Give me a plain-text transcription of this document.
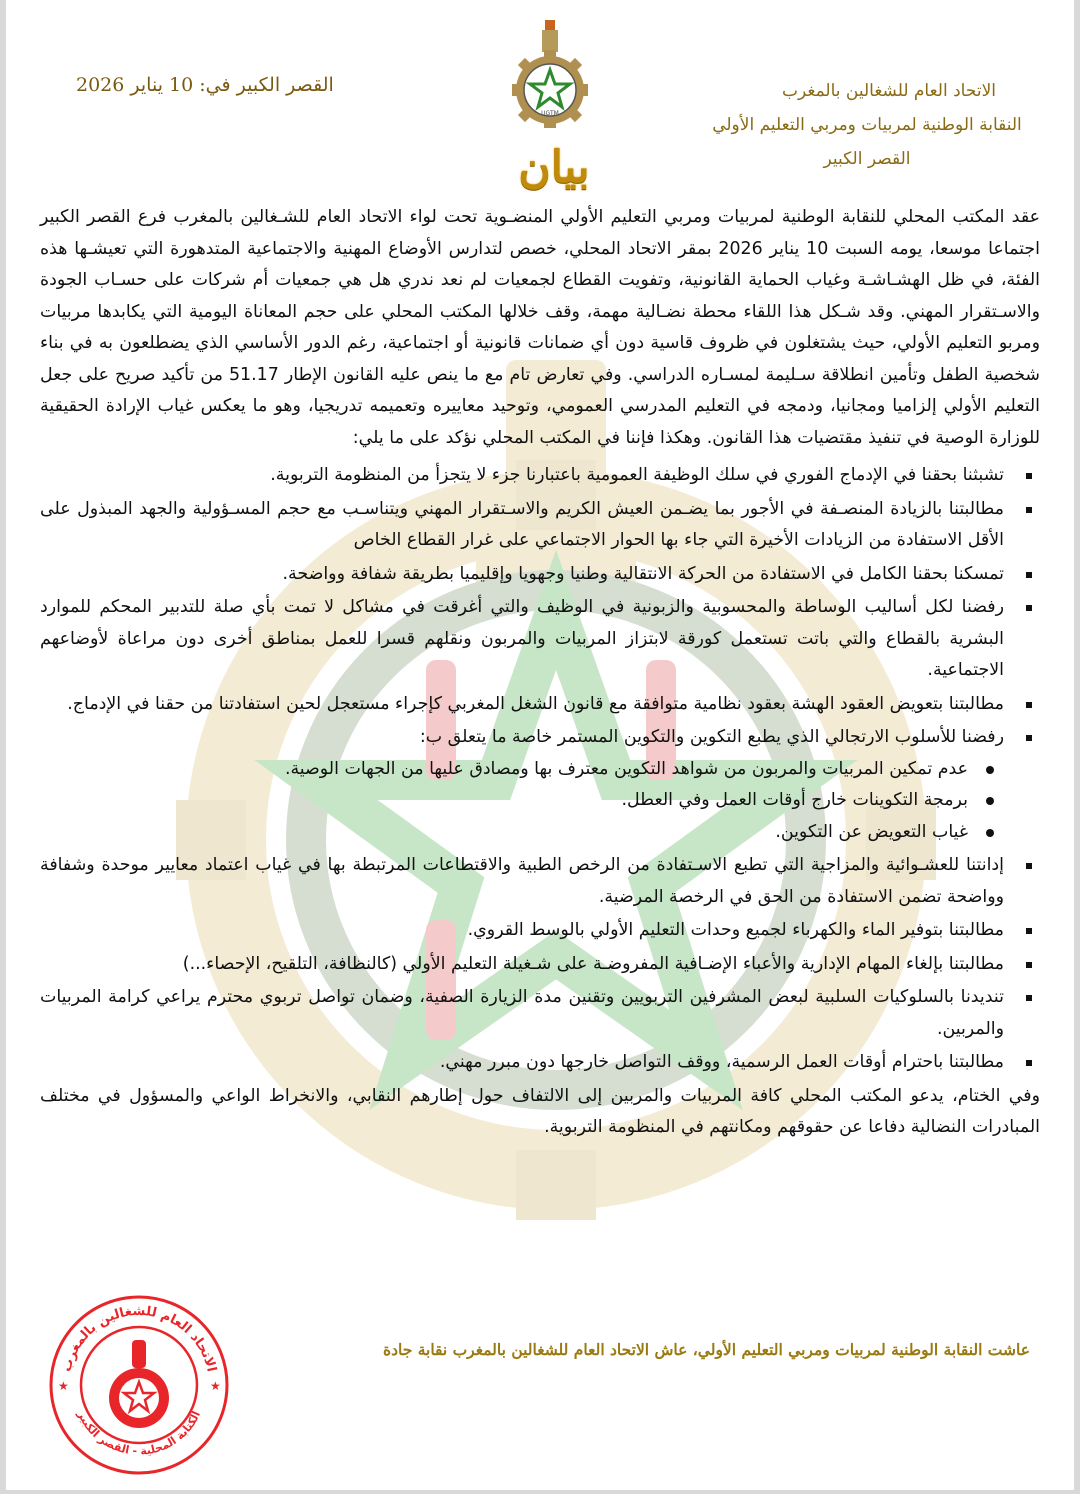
الاتحاد العام للشغالين بالمغرب
النقابة الوطنية لمربيات ومربي التعليم الأولي
القصر الكبير
القصر الكبير في: 10 يناير 2026
UGTM
بيان

عقد المكتب المحلي للنقابة الوطنية لمربيات ومربي التعليم الأولي المنضـوية تحت لواء الاتحاد العام للشـغالين بالمغرب فرع القصر الكبير اجتماعا موسعا، يومه السبت 10 يناير 2026 بمقر الاتحاد المحلي، خصص لتدارس الأوضاع المهنية والاجتماعية المتدهورة التي تعيشـها هذه الفئة، في ظل الهشـاشـة وغياب الحماية القانونية، وتفويت القطاع لجمعيات لم نعد ندري هل هي جمعيات أم شركات على حسـاب الجودة والاسـتقرار المهني. وقد شـكل هذا اللقاء محطة نضـالية مهمة، وقف خلالها المكتب المحلي على حجم المعاناة اليومية التي يكابدها مربيات ومربو التعليم الأولي، حيث يشتغلون في ظروف قاسية دون أي ضمانات قانونية أو اجتماعية، رغم الدور الأساسي الذي يضطلعون به في بناء شخصية الطفل وتأمين انطلاقة سـليمة لمسـاره الدراسي. وفي تعارض تام مع ما ينص عليه القانون الإطار 51.17 من تأكيد صريح على جعل التعليم الأولي إلزاميا ومجانيا، ودمجه في التعليم المدرسي العمومي، وتوحيد معاييره وتعميمه تدريجيا، وهو ما يعكس غياب الإرادة الحقيقية للوزارة الوصية في تنفيذ مقتضيات هذا القانون. وهكذا فإننا في المكتب المحلي نؤكد على ما يلي:

تشبثنا بحقنا في الإدماج الفوري في سلك الوظيفة العمومية باعتبارنا جزء لا يتجزأ من المنظومة التربوية.
مطالبتنا بالزيادة المنصـفة في الأجور بما يضـمن العيش الكريم والاسـتقرار المهني ويتناسـب مع حجم المسـؤولية والجهد المبذول على الأقل الاستفادة من الزيادات الأخيرة التي جاء بها الحوار الاجتماعي على غرار القطاع الخاص
تمسكنا بحقنا الكامل في الاستفادة من الحركة الانتقالية وطنيا وجهويا وإقليميا بطريقة شفافة وواضحة.
رفضنا لكل أساليب الوساطة والمحسوبية والزبونية في الوظيف والتي أغرقت في مشاكل لا تمت بأي صلة للتدبير المحكم للموارد البشرية بالقطاع والتي باتت تستعمل كورقة لابتزاز المربيات والمربون ونقلهم قسرا للعمل بمناطق أخرى دون مراعاة لأوضاعهم الاجتماعية.
مطالبتنا بتعويض العقود الهشة بعقود نظامية متوافقة مع قانون الشغل المغربي كإجراء مستعجل لحين استفادتنا من حقنا في الإدماج.
رفضنا للأسلوب الارتجالي الذي يطبع التكوين والتكوين المستمر خاصة ما يتعلق ب:
عدم تمكين المربيات والمربون من شواهد التكوين معترف بها ومصادق عليها من الجهات الوصية.
برمجة التكوينات خارج أوقات العمل وفي العطل.
غياب التعويض عن التكوين.
إدانتنا للعشـوائية والمزاجية التي تطبع الاسـتفادة من الرخص الطبية والاقتطاعات المرتبطة بها في غياب اعتماد معايير موحدة وشفافة وواضحة تضمن الاستفادة من الحق في الرخصة المرضية.
مطالبتنا بتوفير الماء والكهرباء لجميع وحدات التعليم الأولي بالوسط القروي.
مطالبتنا بإلغاء المهام الإدارية والأعباء الإضـافية المفروضـة على شـغيلة التعليم الأولي (كالنظافة، التلقيح، الإحصاء...)
تنديدنا بالسلوكيات السلبية لبعض المشرفين التربويين وتقنين مدة الزيارة الصفية، وضمان تواصل تربوي محترم يراعي كرامة المربيات والمربين.
مطالبتنا باحترام أوقات العمل الرسمية، ووقف التواصل خارجها دون مبرر مهني.

وفي الختام، يدعو المكتب المحلي كافة المربيات والمربين إلى الالتفاف حول إطارهم النقابي، والانخراط الواعي والمسؤول في مختلف المبادرات النضالية دفاعا عن حقوقهم ومكانتهم في المنظومة التربوية.

عاشت النقابة الوطنية لمربيات ومربي التعليم الأولي، عاش الاتحاد العام للشغالين بالمغرب نقابة جادة
الاتحاد العام للشغالين بالمغرب
الكتابة المحلية - القصر الكبير
★	★
